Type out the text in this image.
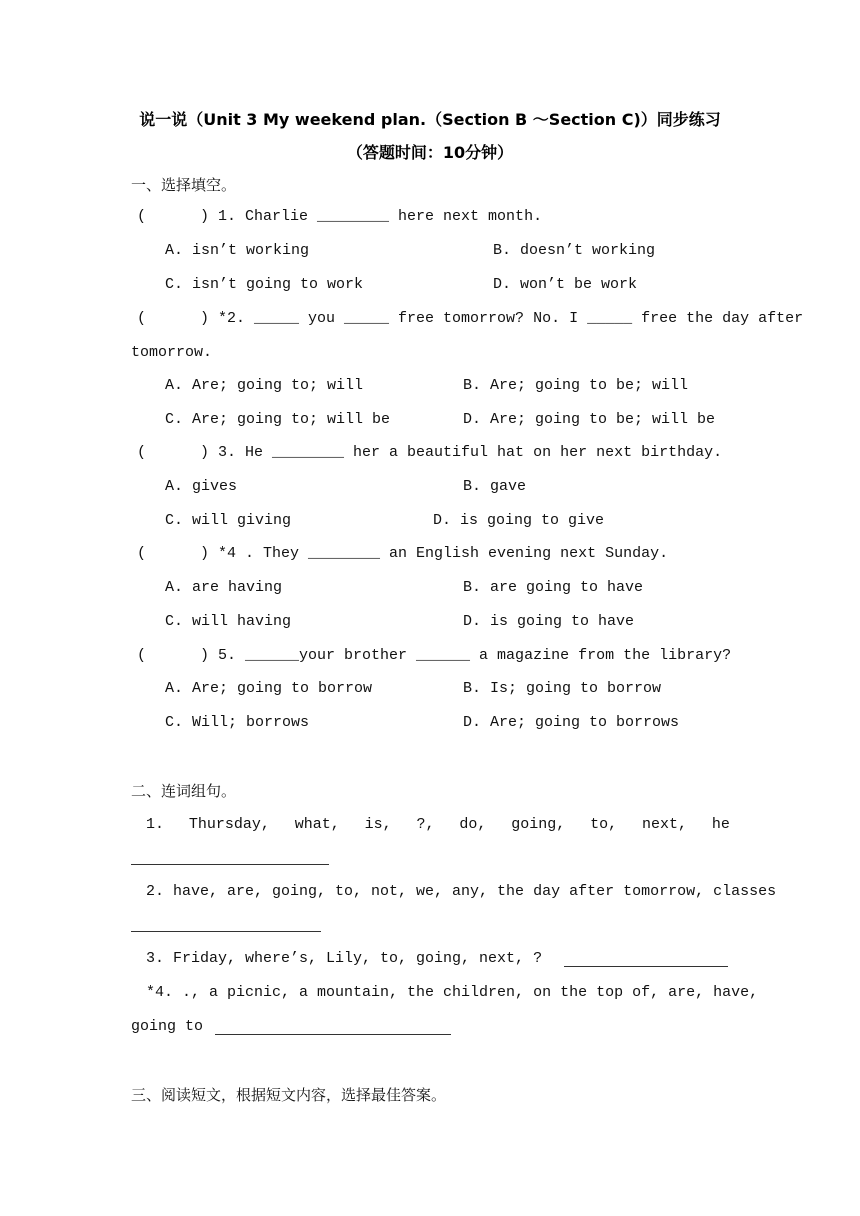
说一说（Unit 3 My weekend plan.（Section B ～Section C)）同步练习
（答题时间：10分钟）
一、选择填空。
(      ) 1. Charlie ________ here next month.
A. isn’t working	B. doesn’t working
C. isn’t going to work	D. won’t be work
(      ) *2. _____ you _____ free tomorrow? No. I _____ free the day after
tomorrow.
A. Are; going to; will	B. Are; going to be; will
C. Are; going to; will be	D. Are; going to be; will be
(      ) 3. He ________ her a beautiful hat on her next birthday.
A. gives	B. gave
C. will giving	D. is going to give
(      ) *4 . They ________ an English evening next Sunday.
A. are having	B. are going to have
C. will having	D. is going to have
(      ) 5. ______your brother ______ a magazine from the library?
A. Are; going to borrow	B. Is; going to borrow
C. Will; borrows	D. Are; going to borrows
二、连词组句。
1. Thursday, what, is, ?, do, going, to, next, he
2. have, are, going, to, not, we, any, the day after tomorrow, classes
3. Friday, where’s, Lily, to, going, next, ?
*4. ., a picnic, a mountain, the children, on the top of, are, have,
going to
三、阅读短文，根据短文内容，选择最佳答案。
